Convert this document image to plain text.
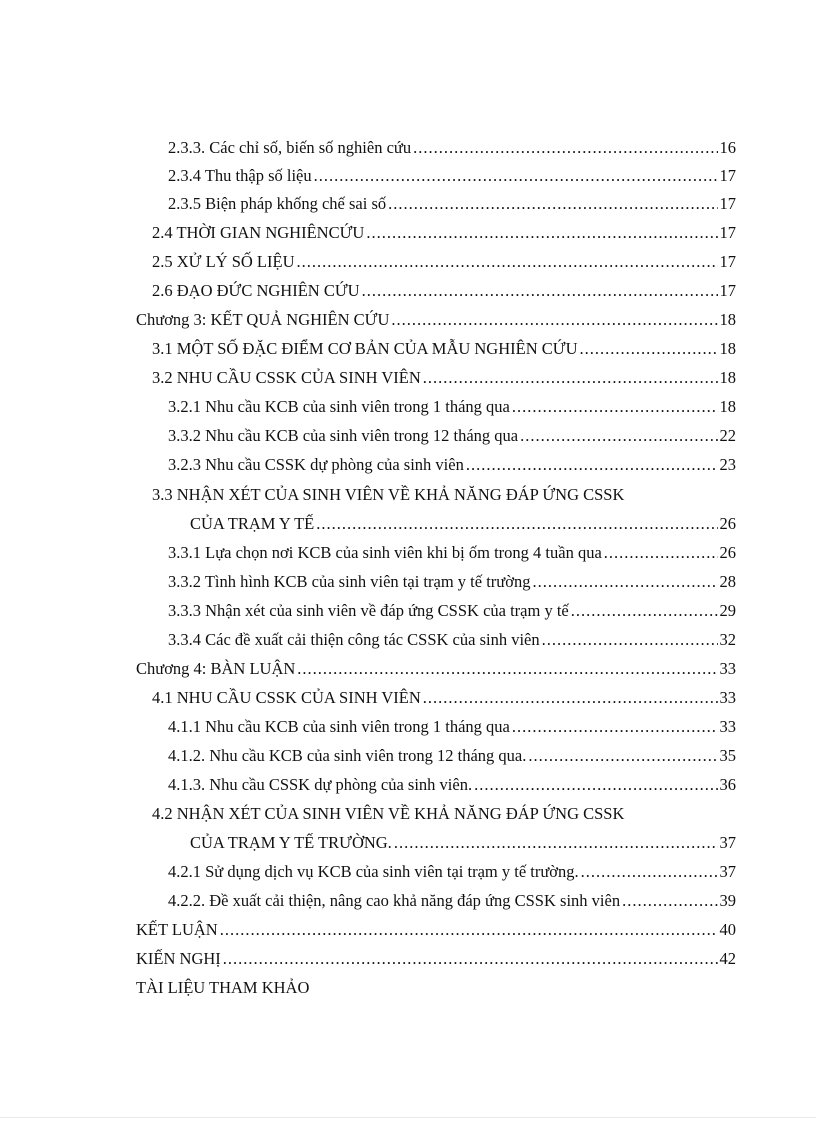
2.3.3. Các chỉ số, biến số nghiên cứu .....	16
2.3.4 Thu thập số liệu .....	17
2.3.5 Biện pháp khống chế sai số .....	17
2.4 THỜI GIAN NGHIÊNCỨU .....	17
2.5 XỬ LÝ SỐ LIỆU .....	17
2.6 ĐẠO ĐỨC NGHIÊN CỨU .....	17
Chương 3: KẾT QUẢ NGHIÊN CỨU .....	18
3.1 MỘT SỐ ĐẶC ĐIỂM CƠ BẢN CỦA MẪU NGHIÊN CỨU .....	18
3.2 NHU CẦU CSSK CỦA SINH VIÊN .....	18
3.2.1 Nhu cầu KCB của sinh viên trong 1 tháng qua .....	18
3.3.2 Nhu cầu KCB của sinh viên trong 12 tháng qua .....	22
3.2.3 Nhu cầu CSSK dự phòng của sinh viên .....	23
3.3 NHẬN XÉT CỦA SINH VIÊN VỀ KHẢ NĂNG ĐÁP ỨNG CSSK
CỦA TRẠM Y TẾ .....	26
3.3.1 Lựa chọn nơi KCB của sinh viên khi bị ốm trong 4 tuần qua .....	26
3.3.2 Tình hình KCB của sinh viên tại trạm y tế trường .....	28
3.3.3 Nhận xét của sinh viên về đáp ứng CSSK của trạm y tế .....	29
3.3.4 Các đề xuất cải thiện công tác CSSK của sinh viên .....	32
Chương 4: BÀN LUẬN .....	33
4.1 NHU CẦU CSSK CỦA SINH VIÊN .....	33
4.1.1 Nhu cầu KCB của sinh viên trong 1 tháng qua .....	33
4.1.2. Nhu cầu KCB của sinh viên trong 12 tháng qua. .....	35
4.1.3. Nhu cầu CSSK dự phòng của sinh viên. .....	36
4.2 NHẬN XÉT CỦA SINH VIÊN VỀ KHẢ NĂNG ĐÁP ỨNG CSSK
CỦA TRẠM Y TẾ TRƯỜNG. .....	37
4.2.1 Sử dụng dịch vụ KCB của sinh viên tại trạm y tế trường. .....	37
4.2.2. Đề xuất cải thiện, nâng cao khả năng đáp ứng CSSK sinh viên .....	39
KẾT LUẬN .....	40
KIẾN NGHỊ .....	42
TÀI LIỆU THAM KHẢO
